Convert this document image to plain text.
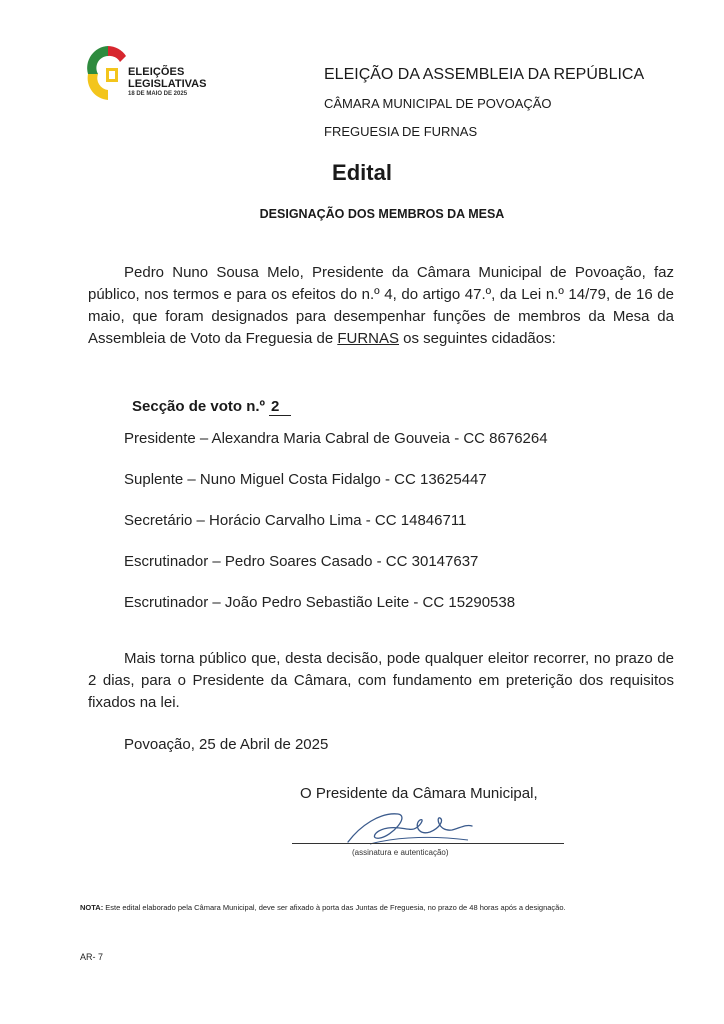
ELEIÇÕES
LEGISLATIVAS
18 DE MAIO DE 2025
ELEIÇÃO DA ASSEMBLEIA DA REPÚBLICA
CÂMARA MUNICIPAL DE POVOAÇÃO
FREGUESIA DE FURNAS
Edital
DESIGNAÇÃO DOS MEMBROS DA MESA
Pedro Nuno Sousa Melo, Presidente da Câmara Municipal de Povoação, faz público, nos termos e para os efeitos do n.º 4, do artigo 47.º, da Lei n.º 14/79, de 16 de maio, que foram designados para desempenhar funções de membros da Mesa da Assembleia de Voto da Freguesia de FURNAS os seguintes cidadãos:
Secção de voto n.º 2
Presidente – Alexandra Maria Cabral de Gouveia - CC 8676264
Suplente – Nuno Miguel Costa Fidalgo - CC 13625447
Secretário – Horácio Carvalho Lima - CC 14846711
Escrutinador – Pedro Soares Casado - CC 30147637
Escrutinador – João Pedro Sebastião Leite - CC 15290538
Mais torna público que, desta decisão, pode qualquer eleitor recorrer, no prazo de 2 dias, para o Presidente da Câmara, com fundamento em preterição dos requisitos fixados na lei.
Povoação, 25 de Abril de 2025
O Presidente da Câmara Municipal,
(assinatura e autenticação)
NOTA: Este edital elaborado pela Câmara Municipal, deve ser afixado à porta das Juntas de Freguesia, no prazo de 48 horas após a designação.
AR- 7
